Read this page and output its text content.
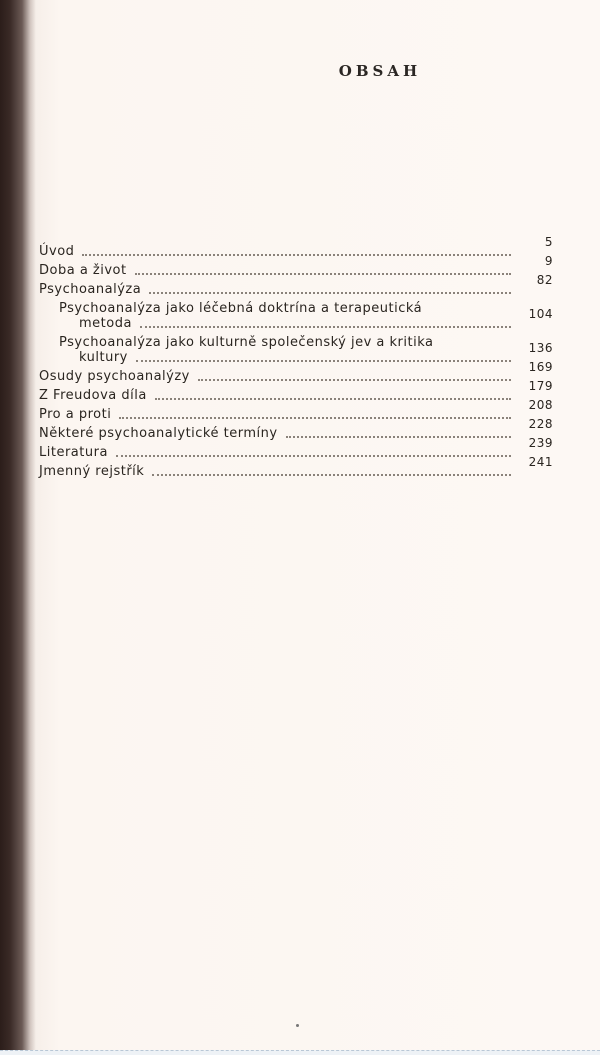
OBSAH
Úvod
5
Doba a život
9
Psychoanalýza
82
Psychoanalýza jako léčebná doktrína a terapeutická
metoda
104
Psychoanalýza jako kulturně společenský jev a kritika
kultury
136
Osudy psychoanalýzy
169
Z Freudova díla
179
Pro a proti
208
Některé psychoanalytické termíny
228
Literatura
239
Jmenný rejstřík
241
